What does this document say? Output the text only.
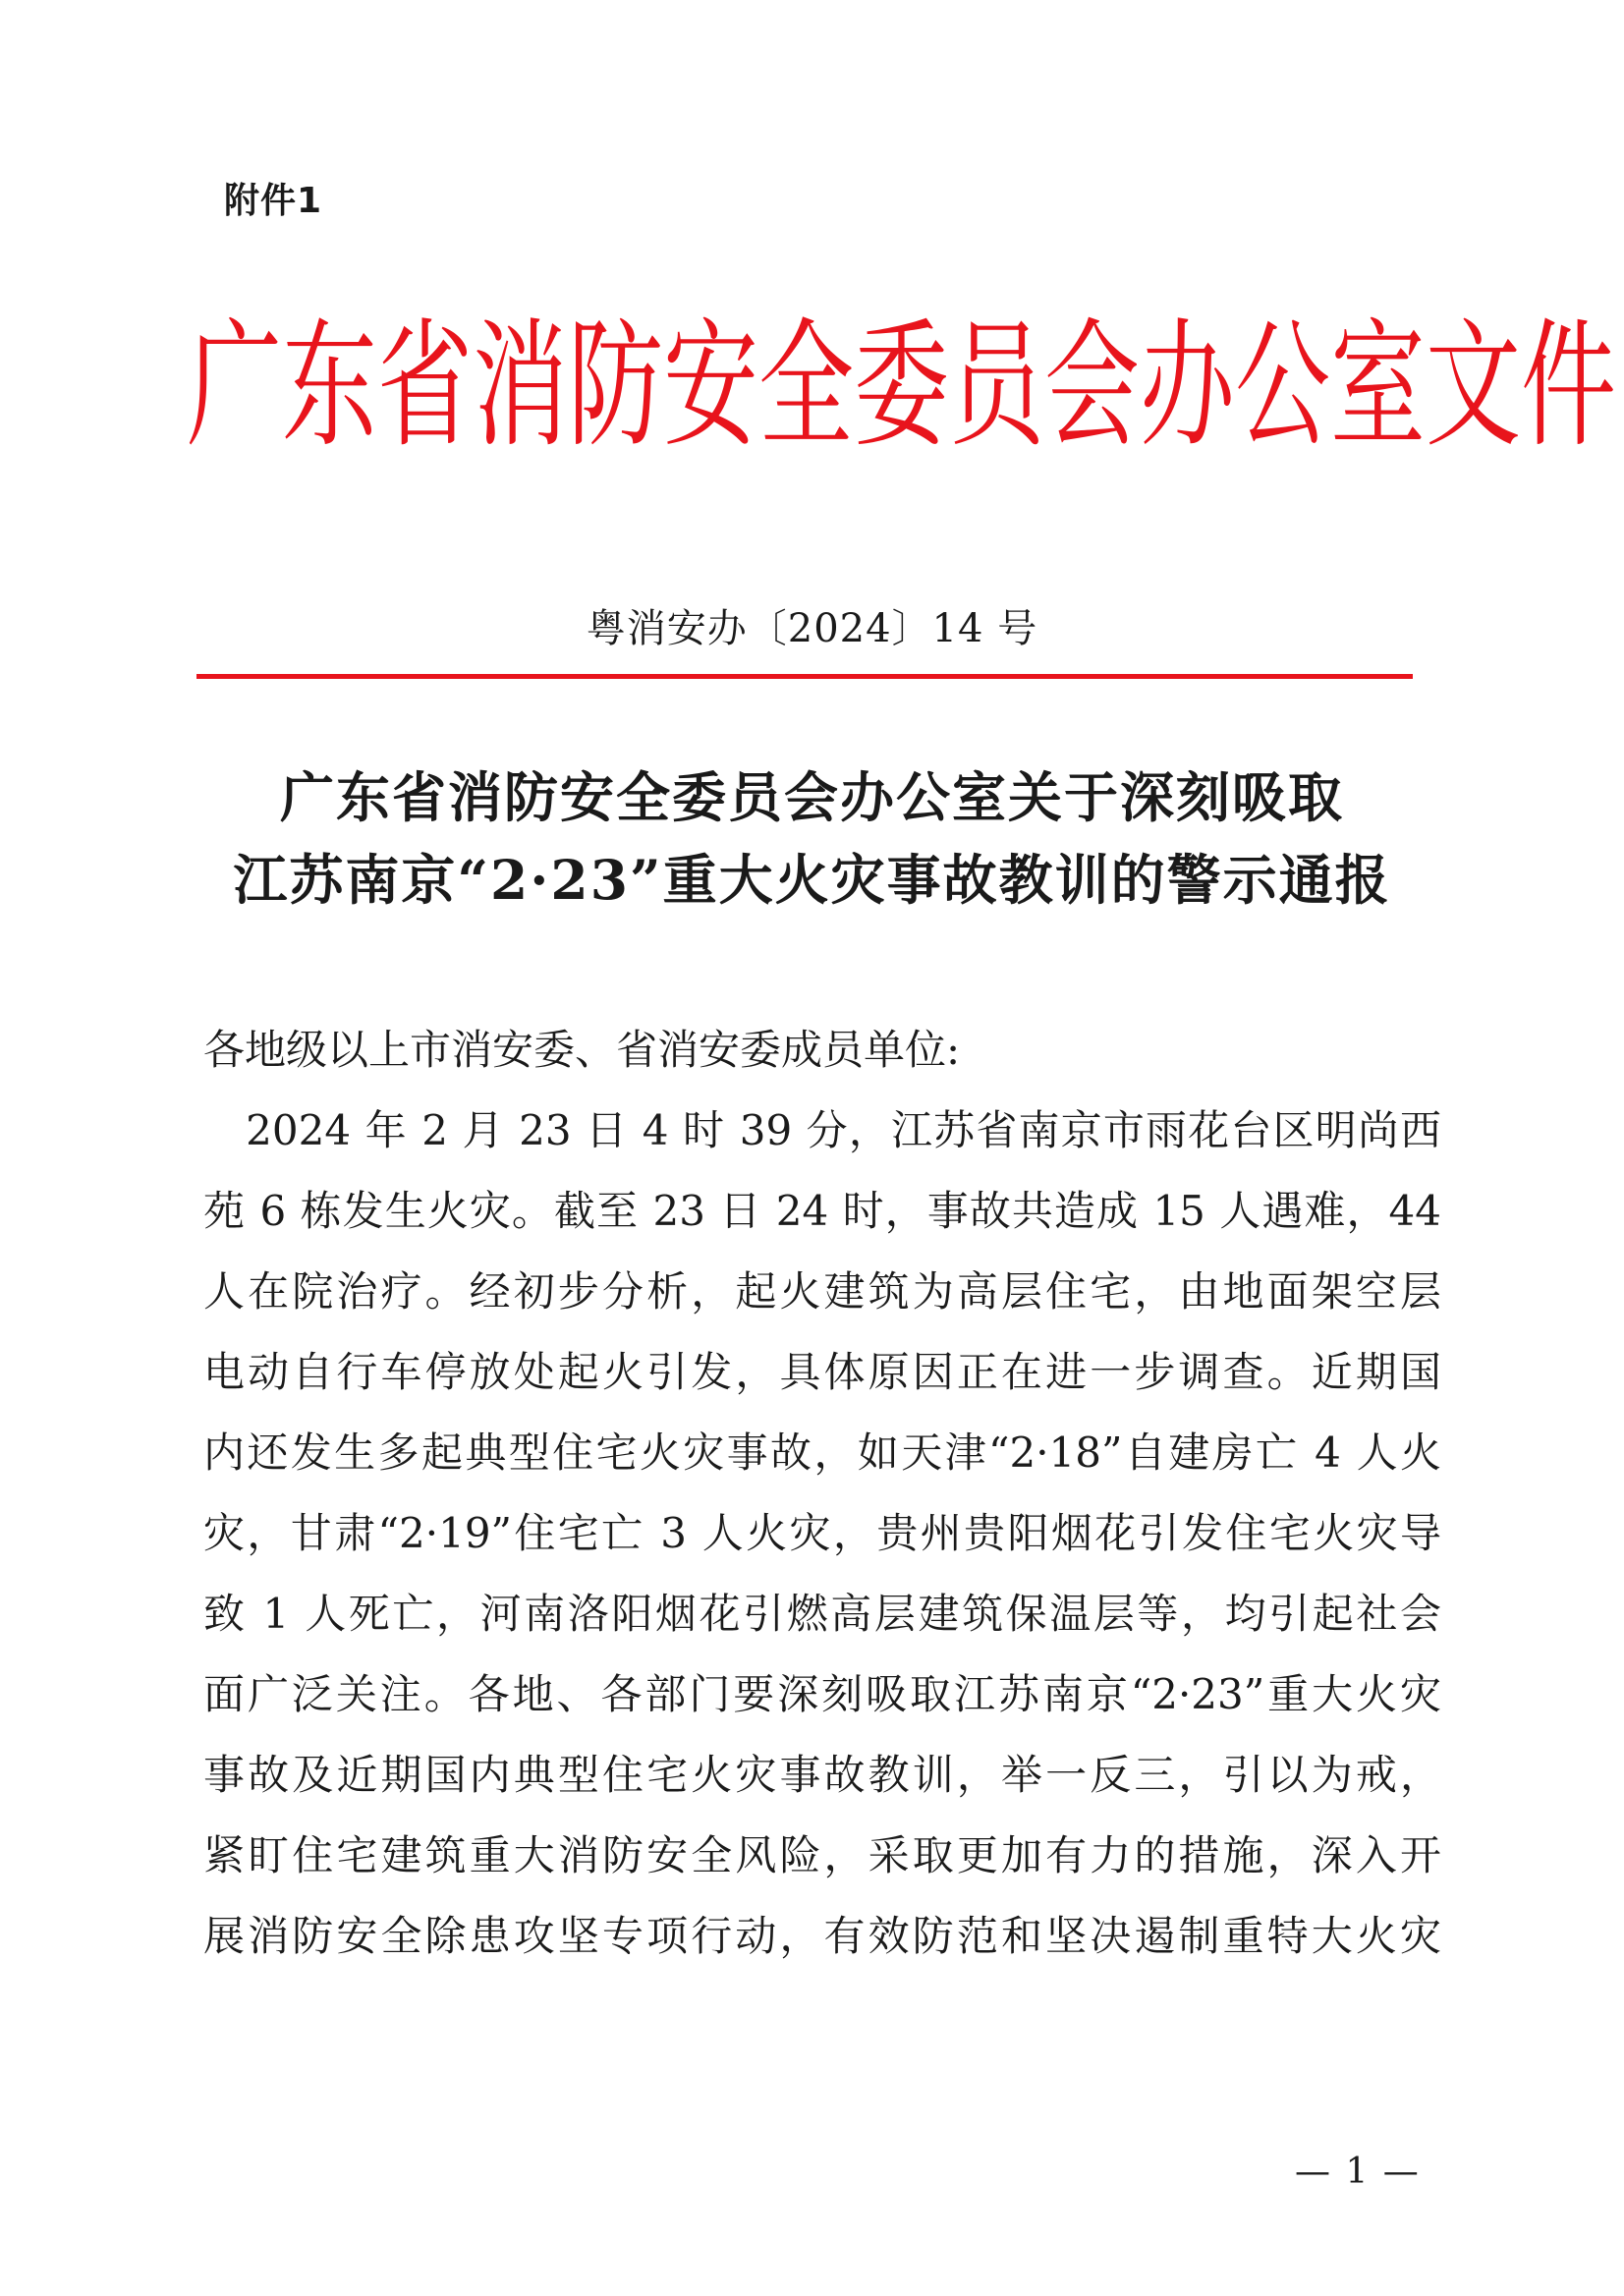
附件1
广东省消防安全委员会办公室文件
粤消安办〔2024〕14 号
广东省消防安全委员会办公室关于深刻吸取
江苏南京“2·23”重大火灾事故教训的警示通报
各地级以上市消安委、省消安委成员单位:
　2024 年 2 月 23 日 4 时 39 分，江苏省南京市雨花台区明尚西
苑 6 栋发生火灾。截至 23 日 24 时，事故共造成 15 人遇难，44
人在院治疗。经初步分析，起火建筑为高层住宅，由地面架空层
电动自行车停放处起火引发，具体原因正在进一步调查。近期国
内还发生多起典型住宅火灾事故，如天津“2·18”自建房亡 4 人火
灾，甘肃“2·19”住宅亡 3 人火灾，贵州贵阳烟花引发住宅火灾导
致 1 人死亡，河南洛阳烟花引燃高层建筑保温层等，均引起社会
面广泛关注。各地、各部门要深刻吸取江苏南京“2·23”重大火灾
事故及近期国内典型住宅火灾事故教训，举一反三，引以为戒，
紧盯住宅建筑重大消防安全风险，采取更加有力的措施，深入开
展消防安全除患攻坚专项行动，有效防范和坚决遏制重特大火灾
— 1 —
